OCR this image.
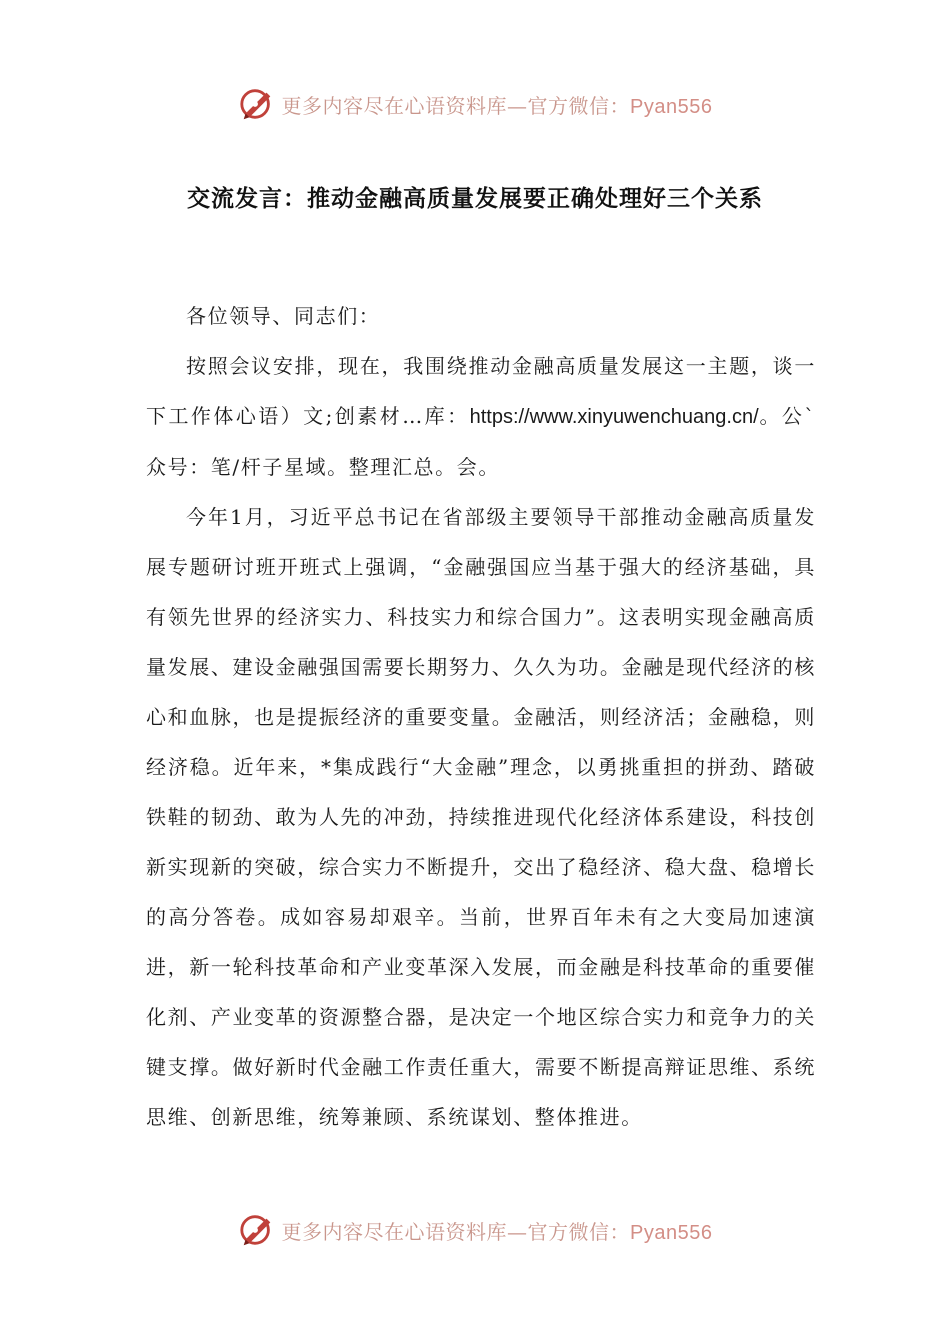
更多内容尽在心语资料库—官方微信：Pyan556
交流发言：推动金融高质量发展要正确处理好三个关系

各位领导、同志们：

按照会议安排，现在，我围绕推动金融高质量发展这一主题，谈一下工作体心语）文;创素材…库：https://www.xinyuwenchuang.cn/。公`众号：笔/杆子星域。整理汇总。会。

今年1月，习近平总书记在省部级主要领导干部推动金融高质量发展专题研讨班开班式上强调，“金融强国应当基于强大的经济基础，具有领先世界的经济实力、科技实力和综合国力”。这表明实现金融高质量发展、建设金融强国需要长期努力、久久为功。金融是现代经济的核心和血脉，也是提振经济的重要变量。金融活，则经济活；金融稳，则经济稳。近年来，*集成践行“大金融”理念，以勇挑重担的拼劲、踏破铁鞋的韧劲、敢为人先的冲劲，持续推进现代化经济体系建设，科技创新实现新的突破，综合实力不断提升，交出了稳经济、稳大盘、稳增长的高分答卷。成如容易却艰辛。当前，世界百年未有之大变局加速演进，新一轮科技革命和产业变革深入发展，而金融是科技革命的重要催化剂、产业变革的资源整合器，是决定一个地区综合实力和竞争力的关键支撑。做好新时代金融工作责任重大，需要不断提高辩证思维、系统思维、创新思维，统筹兼顾、系统谋划、整体推进。

更多内容尽在心语资料库—官方微信：Pyan556
